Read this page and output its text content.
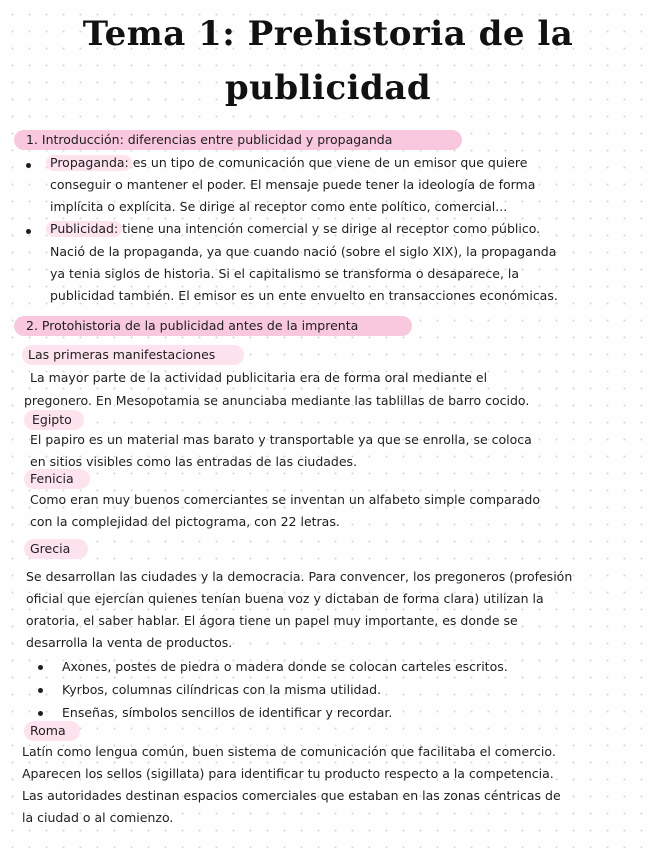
Tema 1: Prehistoria de la
publicidad
1. Introducción: diferencias entre publicidad y propaganda
Propaganda: es un tipo de comunicación que viene de un emisor que quiere
conseguir o mantener el poder. El mensaje puede tener la ideología de forma
implícita o explícita. Se dirige al receptor como ente político, comercial...
Publicidad: tiene una intención comercial y se dirige al receptor como público.
Nació de la propaganda, ya que cuando nació (sobre el siglo XIX), la propaganda
ya tenia siglos de historia. Si el capitalismo se transforma o desaparece, la
publicidad también. El emisor es un ente envuelto en transacciones económicas.
2. Protohistoria de la publicidad antes de la imprenta
Las primeras manifestaciones
La mayor parte de la actividad publicitaria era de forma oral mediante el
pregonero. En Mesopotamia se anunciaba mediante las tablillas de barro cocido.
Egipto
El papiro es un material mas barato y transportable ya que se enrolla, se coloca
en sitios visibles como las entradas de las ciudades.
Fenicia
Como eran muy buenos comerciantes se inventan un alfabeto simple comparado
con la complejidad del pictograma, con 22 letras.
Grecia
Se desarrollan las ciudades y la democracia. Para convencer, los pregoneros (profesión
oficial que ejercían quienes tenían buena voz y dictaban de forma clara) utilizan la
oratoria, el saber hablar. El ágora tiene un papel muy importante, es donde se
desarrolla la venta de productos.
Axones, postes de piedra o madera donde se colocan carteles escritos.
Kyrbos, columnas cilíndricas con la misma utilidad.
Enseñas, símbolos sencillos de identificar y recordar.
Roma
Latín como lengua común, buen sistema de comunicación que facilitaba el comercio.
Aparecen los sellos (sigillata) para identificar tu producto respecto a la competencia.
Las autoridades destinan espacios comerciales que estaban en las zonas céntricas de
la ciudad o al comienzo.
